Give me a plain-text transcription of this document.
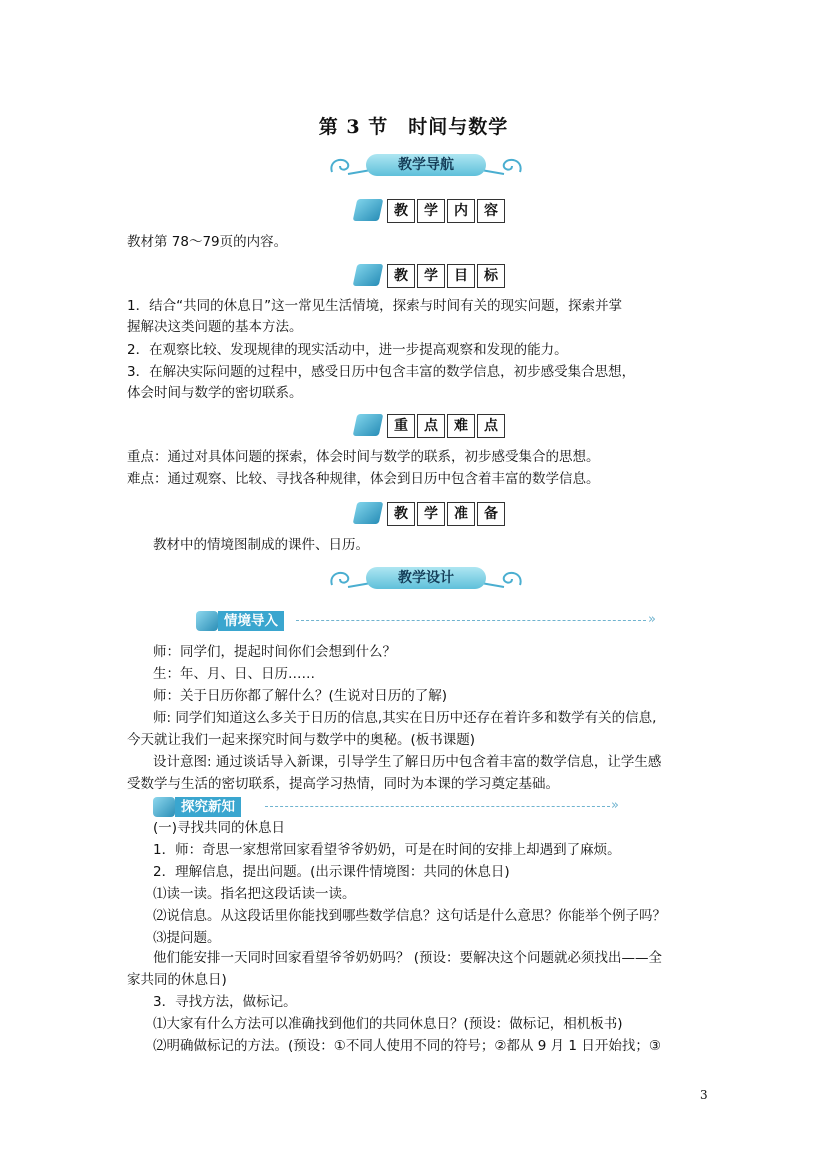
第 3 节　时间与数学
教学导航
教	学	内	容
教材第 78～79页的内容。
教	学	目	标
1．结合“共同的休息日”这一常见生活情境，探索与时间有关的现实问题，探索并掌
握解决这类问题的基本方法。
2．在观察比较、发现规律的现实活动中，进一步提高观察和发现的能力。
3．在解决实际问题的过程中，感受日历中包含丰富的数学信息，初步感受集合思想，
体会时间与数学的密切联系。
重	点	难	点
重点：通过对具体问题的探索，体会时间与数学的联系，初步感受集合的思想。
难点：通过观察、比较、寻找各种规律，体会到日历中包含着丰富的数学信息。
教	学	准	备
教材中的情境图制成的课件、日历。
教学设计
情境导入	»
师：同学们，提起时间你们会想到什么？
生：年、月、日、日历……
师：关于日历你都了解什么？(生说对日历的了解)
师: 同学们知道这么多关于日历的信息,其实在日历中还存在着许多和数学有关的信息,
今天就让我们一起来探究时间与数学中的奥秘。(板书课题)
设计意图: 通过谈话导入新课，引导学生了解日历中包含着丰富的数学信息，让学生感
受数学与生活的密切联系，提高学习热情，同时为本课的学习奠定基础。
探究新知	»
(一)寻找共同的休息日
1．师：奇思一家想常回家看望爷爷奶奶，可是在时间的安排上却遇到了麻烦。
2．理解信息，提出问题。(出示课件情境图：共同的休息日)
⑴读一读。指名把这段话读一读。
⑵说信息。从这段话里你能找到哪些数学信息？这句话是什么意思？你能举个例子吗？
⑶提问题。
他们能安排一天同时回家看望爷爷奶奶吗？ (预设：要解决这个问题就必须找出——全
家共同的休息日)
3．寻找方法，做标记。
⑴大家有什么方法可以准确找到他们的共同休息日？(预设：做标记，相机板书)
⑵明确做标记的方法。(预设：①不同人使用不同的符号；②都从 9 月 1 日开始找；③
3
